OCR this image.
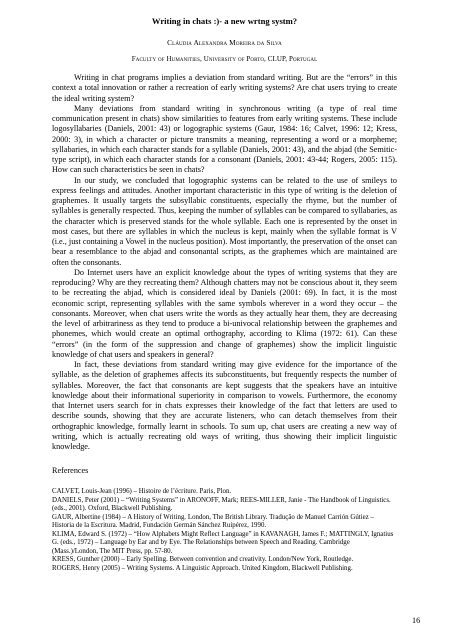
Writing in chats :)- a new wrtng systm?
Cláudia Alexandra Moreira da Silva
Faculty of Humanities, University of Porto, CLUP, Portugal

Writing in chat programs implies a deviation from standard writing. But are the “errors” in this context a total innovation or rather a recreation of early writing systems? Are chat users trying to create the ideal writing system?

Many deviations from standard writing in synchronous writing (a type of real time communication present in chats) show similarities to features from early writing systems. These include logosyllabaries (Daniels, 2001: 43) or logographic systems (Gaur, 1984: 16; Calvet, 1996: 12; Kress, 2000: 3), in which a character or picture transmits a meaning, representing a word or a morpheme; syllabaries, in which each character stands for a syllable (Daniels, 2001: 43), and the abjad (the Semitic-type script), in which each character stands for a consonant (Daniels, 2001: 43-44; Rogers, 2005: 115). How can such characteristics be seen in chats?

In our study, we concluded that logographic systems can be related to the use of smileys to express feelings and attitudes. Another important characteristic in this type of writing is the deletion of graphemes. It usually targets the subsyllabic constituents, especially the rhyme, but the number of syllables is generally respected. Thus, keeping the number of syllables can be compared to syllabaries, as the character which is preserved stands for the whole syllable. Each one is represented by the onset in most cases, but there are syllables in which the nucleus is kept, mainly when the syllable format is V (i.e., just containing a Vowel in the nucleus position). Most importantly, the preservation of the onset can bear a resemblance to the abjad and consonantal scripts, as the graphemes which are maintained are often the consonants.

Do Internet users have an explicit knowledge about the types of writing systems that they are reproducing? Why are they recreating them? Although chatters may not be conscious about it, they seem to be recreating the abjad, which is considered ideal by Daniels (2001: 69). In fact, it is the most economic script, representing syllables with the same symbols wherever in a word they occur – the consonants. Moreover, when chat users write the words as they actually hear them, they are decreasing the level of arbitrariness as they tend to produce a bi-univocal relationship between the graphemes and phonemes, which would create an optimal orthography, according to Klima (1972: 61). Can these “errors” (in the form of the suppression and change of graphemes) show the implicit linguistic knowledge of chat users and speakers in general?

In fact, these deviations from standard writing may give evidence for the importance of the syllable, as the deletion of graphemes affects its subconstituents, but frequently respects the number of syllables. Moreover, the fact that consonants are kept suggests that the speakers have an intuitive knowledge about their informational superiority in comparison to vowels. Furthermore, the economy that Internet users search for in chats expresses their knowledge of the fact that letters are used to describe sounds, showing that they are accurate listeners, who can detach themselves from their orthographic knowledge, formally learnt in schools. To sum up, chat users are creating a new way of writing, which is actually recreating old ways of writing, thus showing their implicit linguistic knowledge.

References

CALVET, Louis-Jean (1996) – Histoire de l’écriture. Paris, Plon.

DANIELS, Peter (2001) – “Writing Systems” in ARONOFF, Mark; REES-MILLER, Janie - The Handbook of Linguistics. (eds., 2001). Oxford, Blackwell Publishing.

GAUR, Albertine (1984) – A History of Writing. London, The British Library. Tradução de Manuel Carrión Gútiez – Historia de la Escritura. Madrid, Fundación Germán Sánchez Ruipérez, 1990.

KLIMA, Edward S. (1972) – “How Alphabets Might Reflect Language” in KAVANAGH, James F.; MATTINGLY, Ignatius G. (eds., 1972) – Language by Ear and by Eye. The Relationships between Speech and Reading. Cambridge (Mass.)/London, The MIT Press, pp. 57-80.

KRESS, Gunther (2000) – Early Spelling. Between convention and creativity. London/New York, Routledge.

ROGERS, Henry (2005) – Writing Systems. A Linguistic Approach. United Kingdom, Blackwell Publishing.

16
